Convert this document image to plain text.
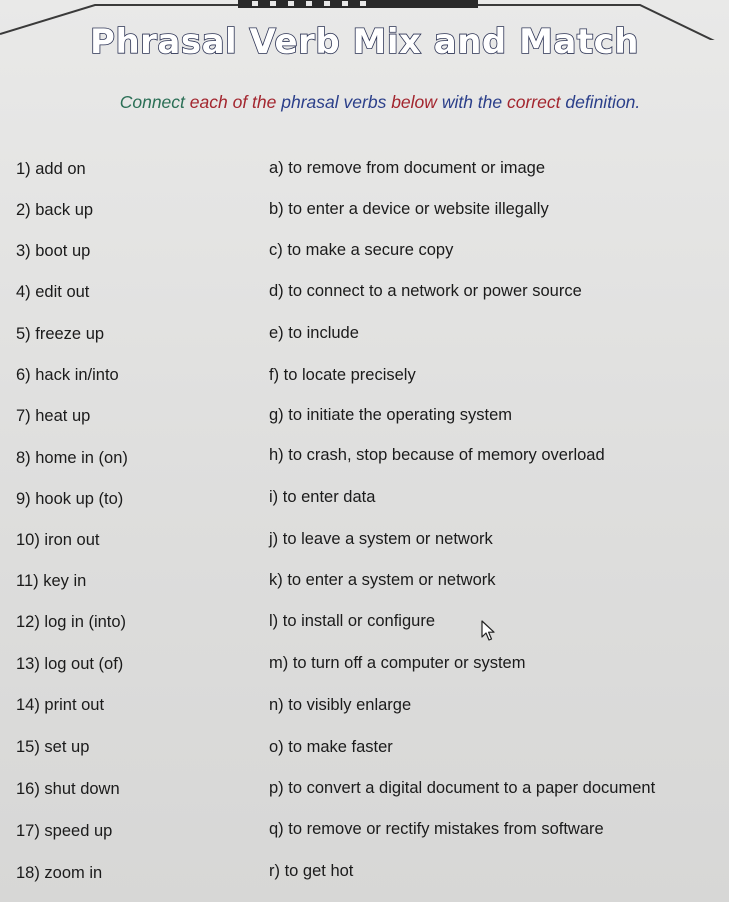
Phrasal Verb Mix and Match
Connect each of the phrasal verbs below with the correct definition.
1) add on
2) back up
3) boot up
4) edit out
5) freeze up
6) hack in/into
7) heat up
8) home in (on)
9) hook up (to)
10) iron out
11) key in
12) log in (into)
13) log out (of)
14) print out
15) set up
16) shut down
17) speed up
18) zoom in
a) to remove from document or image
b) to enter a device or website illegally
c) to make a secure copy
d) to connect to a network or power source
e) to include
f) to locate precisely
g) to initiate the operating system
h) to crash, stop because of memory overload
i) to enter data
j) to leave a system or network
k) to enter a system or network
l) to install or configure
m) to turn off a computer or system
n) to visibly enlarge
o) to make faster
p) to convert a digital document to a paper document
q) to remove or rectify mistakes from software
r) to get hot
